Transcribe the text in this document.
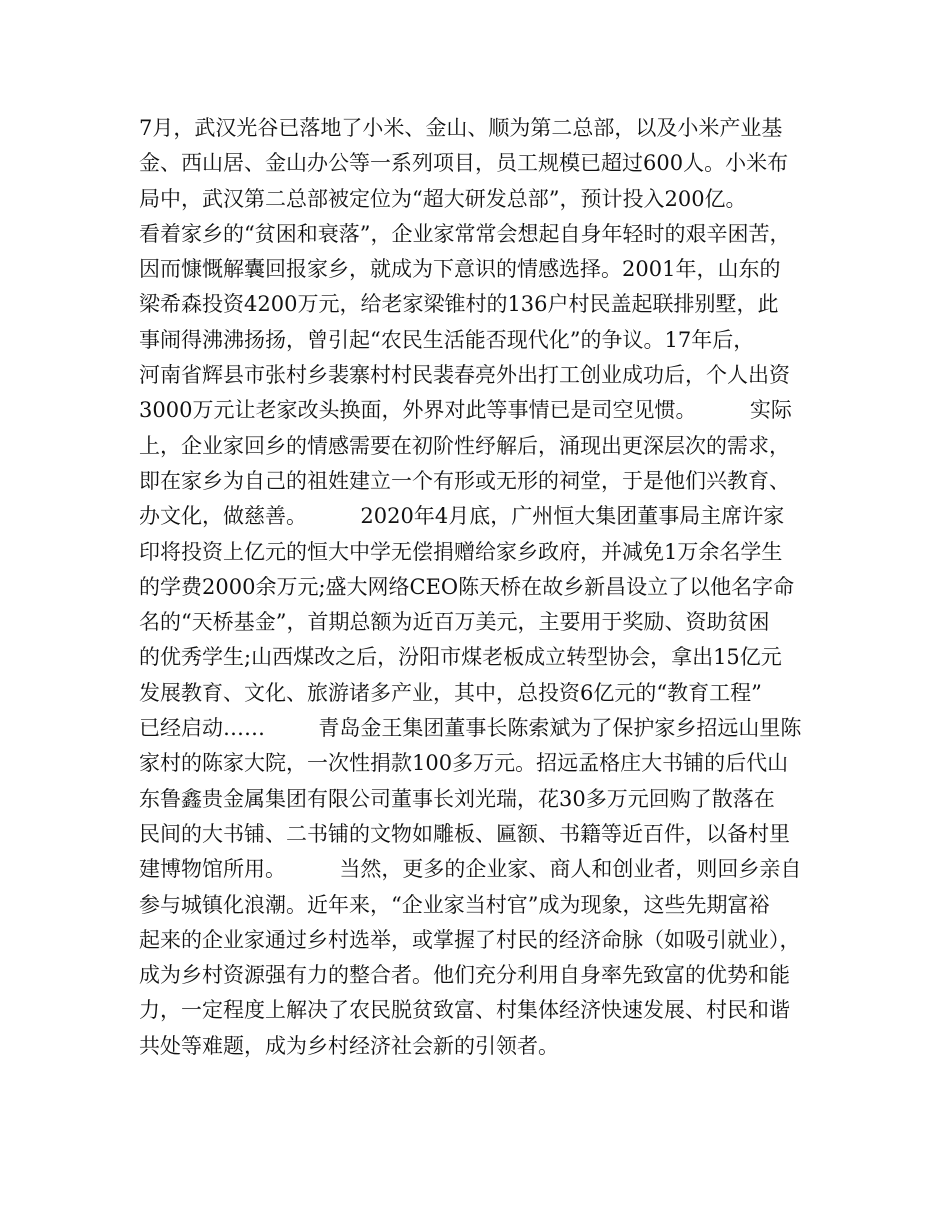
7月，武汉光谷已落地了小米、金山、顺为第二总部，以及小米产业基
金、西山居、金山办公等一系列项目，员工规模已超过600人。小米布
局中，武汉第二总部被定位为“超大研发总部”，预计投入200亿。
看着家乡的“贫困和衰落”，企业家常常会想起自身年轻时的艰辛困苦，
因而慷慨解囊回报家乡，就成为下意识的情感选择。2001年，山东的
梁希森投资4200万元，给老家梁锥村的136户村民盖起联排别墅，此
事闹得沸沸扬扬，曾引起“农民生活能否现代化”的争议。17年后，
河南省辉县市张村乡裴寨村村民裴春亮外出打工创业成功后，个人出资
3000万元让老家改头换面，外界对此等事情已是司空见惯。        实际
上，企业家回乡的情感需要在初阶性纾解后，涌现出更深层次的需求，
即在家乡为自己的祖姓建立一个有形或无形的祠堂，于是他们兴教育、
办文化，做慈善。        2020年4月底，广州恒大集团董事局主席许家
印将投资上亿元的恒大中学无偿捐赠给家乡政府，并减免1万余名学生
的学费2000余万元;盛大网络CEO陈天桥在故乡新昌设立了以他名字命
名的“天桥基金”，首期总额为近百万美元，主要用于奖励、资助贫困
的优秀学生;山西煤改之后，汾阳市煤老板成立转型协会，拿出15亿元
发展教育、文化、旅游诸多产业，其中，总投资6亿元的“教育工程”
已经启动……        青岛金王集团董事长陈索斌为了保护家乡招远山里陈
家村的陈家大院，一次性捐款100多万元。招远孟格庄大书铺的后代山
东鲁鑫贵金属集团有限公司董事长刘光瑞，花30多万元回购了散落在
民间的大书铺、二书铺的文物如雕板、匾额、书籍等近百件，以备村里
建博物馆所用。        当然，更多的企业家、商人和创业者，则回乡亲自
参与城镇化浪潮。近年来，“企业家当村官”成为现象，这些先期富裕
起来的企业家通过乡村选举，或掌握了村民的经济命脉（如吸引就业），
成为乡村资源强有力的整合者。他们充分利用自身率先致富的优势和能
力，一定程度上解决了农民脱贫致富、村集体经济快速发展、村民和谐
共处等难题，成为乡村经济社会新的引领者。
